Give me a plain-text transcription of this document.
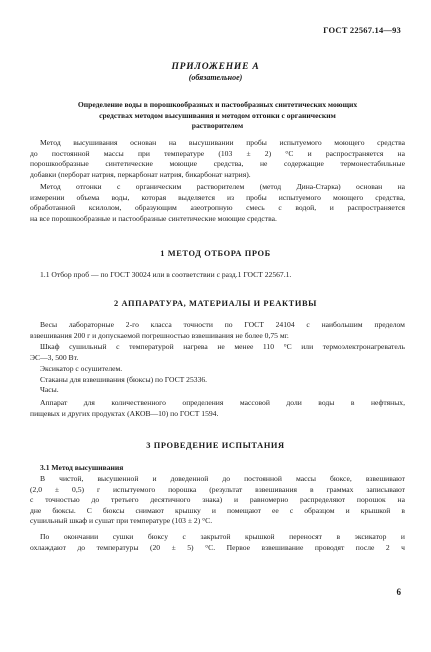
ГОСТ 22567.14—93
ПРИЛОЖЕНИЕ А
(обязательное)
Определение воды в порошкообразных и пастообразных синтетических моющих
средствах методом высушивания и методом отгонки с органическим
растворителем
Метод высушивания основан на высушивании пробы испытуемого моющего средства
до постоянной массы при температуре (103 ± 2) °С и распространяется на
порошкообразные синтетические моющие средства, не содержащие термонестабильные
добавки (перборат натрия, перкарбонат натрия, бикарбонат натрия).
Метод отгонки с органическим растворителем (метод Дина-Старка) основан на
измерении объема воды, которая выделяется из пробы испытуемого моющего средства,
обработанной ксилолом, образующим азеотропную смесь с водой, и распространяется
на все порошкообразные и пастообразные синтетические моющие средства.
1 МЕТОД ОТБОРА ПРОБ
1.1 Отбор проб — по ГОСТ 30024 или в соответствии с разд.1 ГОСТ 22567.1.
2 АППАРАТУРА, МАТЕРИАЛЫ И РЕАКТИВЫ
Весы лабораторные 2-го класса точности по ГОСТ 24104 с наибольшим пределом
взвешивания 200 г и допускаемой погрешностью взвешивания не более 0,75 мг.
Шкаф сушильный с температурой нагрева не менее 110 °С или термоэлектронагреватель
ЭС—3, 500 Вт.
Эксикатор с осушителем.
Стаканы для взвешивания (бюксы) по ГОСТ 25336.
Часы.
Аппарат для количественного определения массовой доли воды в нефтяных,
пищевых и других продуктах (АКОВ—10) по ГОСТ 1594.
3 ПРОВЕДЕНИЕ ИСПЫТАНИЯ
3.1 Метод высушивания
В чистой, высушенной и доведенной до постоянной массы бюксе, взвешивают
(2,0 ± 0,5) г испытуемого порошка (результат взвешивания в граммах записывают
с точностью до третьего десятичного знака) и равномерно распределяют порошок на
дне бюксы. С бюксы снимают крышку и помещают ее с образцом и крышкой в
сушильный шкаф и сушат при температуре (103 ± 2) °С.
По окончании сушки бюксу с закрытой крышкой переносят в эксикатор и
охлаждают до температуры (20 ± 5) °С. Первое взвешивание проводят после 2 ч
6
